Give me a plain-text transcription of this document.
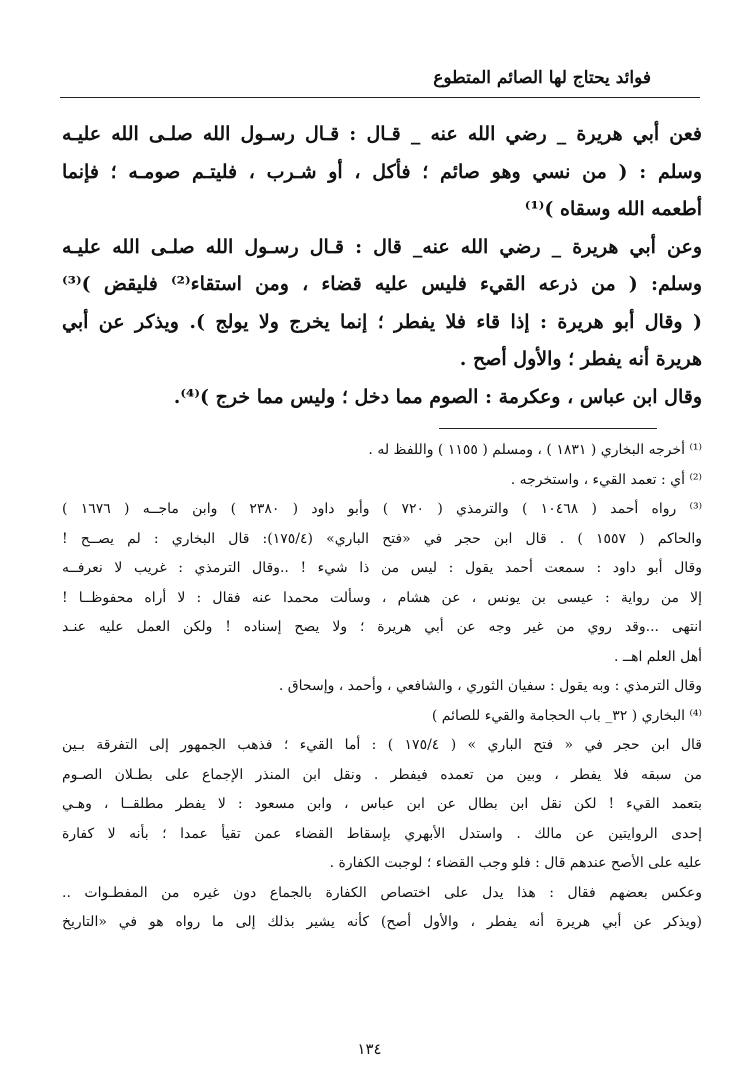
فوائد يحتاج لها الصائم المتطوع

فعن أبي هريرة _ رضي الله عنه _ قـال : قـال رسـول الله صلـى الله عليـه

وسلم : ( من نسي وهو صائم ؛ فأكل ، أو شـرب ، فليتـم صومـه ؛ فإنما

أطعمه الله وسقاه )⁽¹⁾

وعن أبي هريرة _ رضي الله عنه_ قال : قـال رسـول الله صلـى الله عليـه

وسلم: ( من ذرعه القيء فليس عليه قضاء ، ومن استقاء⁽²⁾ فليقض )⁽³⁾

( وقال أبو هريرة : إذا قاء فلا يفطر ؛ إنما يخرج ولا يولج ). ويذكر عن أبي

هريرة أنه يفطر ؛ والأول أصح .

وقال ابن عباس ، وعكرمة : الصوم مما دخل ؛ وليس مما خرج )⁽⁴⁾.

⁽¹⁾ أخرجه البخاري ( ١٨٣١ ) ، ومسلم ( ١١٥٥ ) واللفظ له .

⁽²⁾ أي : تعمد القيء ، واستخرجه .

⁽³⁾ رواه أحمد ( ١٠٤٦٨ ) والترمذي ( ٧٢٠ ) وأبو داود ( ٢٣٨٠ ) وابن ماجــه ( ١٦٧٦ )

والحاكم ( ١٥٥٧ ) . قال ابن حجر في «فتح الباري» (١٧٥/٤): قال البخاري : لم يصــح !

وقال أبو داود : سمعت أحمد يقول : ليس من ذا شيء ! ..وقال الترمذي : غريب لا نعرفــه

إلا من رواية : عيسى بن يونس ، عن هشام ، وسألت محمدا عنه فقال : لا أراه محفوظــا !

انتهى ...وقد روي من غير وجه عن أبي هريرة ؛ ولا يصح إسناده ! ولكن العمل عليه عنـد

أهل العلم اهــ .

وقال الترمذي : وبه يقول : سفيان الثوري ، والشافعي ، وأحمد ، وإسحاق .

⁽⁴⁾ البخاري ( ٣٢_ باب الحجامة والقيء للصائم )

قال ابن حجر في « فتح الباري » ( ١٧٥/٤ ) : أما القيء ؛ فذهب الجمهور إلى التفرقة بـين

من سبقه فلا يفطر ، وبين من تعمده فيفطر . ونقل ابن المنذر الإجماع على بطـلان الصـوم

بتعمد القيء ! لكن نقل ابن بطال عن ابن عباس ، وابن مسعود : لا يفطر مطلقــا ، وهـي

إحدى الروايتين عن مالك . واستدل الأبهري بإسقاط القضاء عمن تقيأ عمدا ؛ بأنه لا كفارة

عليه على الأصح عندهم قال : فلو وجب القضاء ؛ لوجبت الكفارة .

وعكس بعضهم فقال : هذا يدل على اختصاص الكفارة بالجماع دون غيره من المفطـوات ..

(ويذكر عن أبي هريرة أنه يفطر ، والأول أصح) كأنه يشير بذلك إلى ما رواه هو في «التاريخ

١٣٤
